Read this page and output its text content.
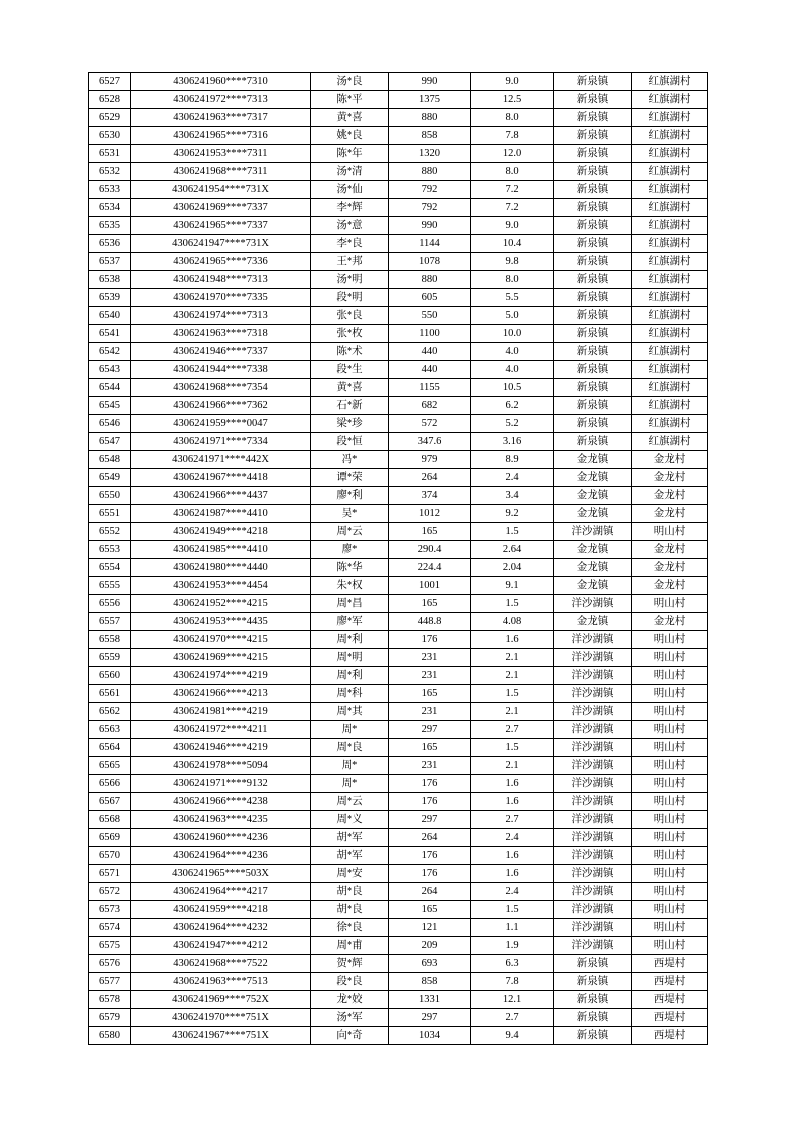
6527	4306241960****7310	汤*良	990	9.0	新泉镇	红旗湖村
6528	4306241972****7313	陈*平	1375	12.5	新泉镇	红旗湖村
6529	4306241963****7317	黄*喜	880	8.0	新泉镇	红旗湖村
6530	4306241965****7316	姚*良	858	7.8	新泉镇	红旗湖村
6531	4306241953****7311	陈*年	1320	12.0	新泉镇	红旗湖村
6532	4306241968****7311	汤*清	880	8.0	新泉镇	红旗湖村
6533	4306241954****731X	汤*仙	792	7.2	新泉镇	红旗湖村
6534	4306241969****7337	李*辉	792	7.2	新泉镇	红旗湖村
6535	4306241965****7337	汤*意	990	9.0	新泉镇	红旗湖村
6536	4306241947****731X	李*良	1144	10.4	新泉镇	红旗湖村
6537	4306241965****7336	王*邦	1078	9.8	新泉镇	红旗湖村
6538	4306241948****7313	汤*明	880	8.0	新泉镇	红旗湖村
6539	4306241970****7335	段*明	605	5.5	新泉镇	红旗湖村
6540	4306241974****7313	张*良	550	5.0	新泉镇	红旗湖村
6541	4306241963****7318	张*枚	1100	10.0	新泉镇	红旗湖村
6542	4306241946****7337	陈*术	440	4.0	新泉镇	红旗湖村
6543	4306241944****7338	段*生	440	4.0	新泉镇	红旗湖村
6544	4306241968****7354	黄*喜	1155	10.5	新泉镇	红旗湖村
6545	4306241966****7362	石*新	682	6.2	新泉镇	红旗湖村
6546	4306241959****0047	梁*珍	572	5.2	新泉镇	红旗湖村
6547	4306241971****7334	段*恒	347.6	3.16	新泉镇	红旗湖村
6548	4306241971****442X	冯*	979	8.9	金龙镇	金龙村
6549	4306241967****4418	谭*荣	264	2.4	金龙镇	金龙村
6550	4306241966****4437	廖*利	374	3.4	金龙镇	金龙村
6551	4306241987****4410	吴*	1012	9.2	金龙镇	金龙村
6552	4306241949****4218	周*云	165	1.5	洋沙湖镇	明山村
6553	4306241985****4410	廖*	290.4	2.64	金龙镇	金龙村
6554	4306241980****4440	陈*华	224.4	2.04	金龙镇	金龙村
6555	4306241953****4454	朱*权	1001	9.1	金龙镇	金龙村
6556	4306241952****4215	周*昌	165	1.5	洋沙湖镇	明山村
6557	4306241953****4435	廖*军	448.8	4.08	金龙镇	金龙村
6558	4306241970****4215	周*利	176	1.6	洋沙湖镇	明山村
6559	4306241969****4215	周*明	231	2.1	洋沙湖镇	明山村
6560	4306241974****4219	周*利	231	2.1	洋沙湖镇	明山村
6561	4306241966****4213	周*科	165	1.5	洋沙湖镇	明山村
6562	4306241981****4219	周*其	231	2.1	洋沙湖镇	明山村
6563	4306241972****4211	周*	297	2.7	洋沙湖镇	明山村
6564	4306241946****4219	周*良	165	1.5	洋沙湖镇	明山村
6565	4306241978****5094	周*	231	2.1	洋沙湖镇	明山村
6566	4306241971****9132	周*	176	1.6	洋沙湖镇	明山村
6567	4306241966****4238	周*云	176	1.6	洋沙湖镇	明山村
6568	4306241963****4235	周*义	297	2.7	洋沙湖镇	明山村
6569	4306241960****4236	胡*军	264	2.4	洋沙湖镇	明山村
6570	4306241964****4236	胡*军	176	1.6	洋沙湖镇	明山村
6571	4306241965****503X	周*安	176	1.6	洋沙湖镇	明山村
6572	4306241964****4217	胡*良	264	2.4	洋沙湖镇	明山村
6573	4306241959****4218	胡*良	165	1.5	洋沙湖镇	明山村
6574	4306241964****4232	徐*良	121	1.1	洋沙湖镇	明山村
6575	4306241947****4212	周*甫	209	1.9	洋沙湖镇	明山村
6576	4306241968****7522	贺*辉	693	6.3	新泉镇	西堤村
6577	4306241963****7513	段*良	858	7.8	新泉镇	西堤村
6578	4306241969****752X	龙*姣	1331	12.1	新泉镇	西堤村
6579	4306241970****751X	汤*军	297	2.7	新泉镇	西堤村
6580	4306241967****751X	向*奇	1034	9.4	新泉镇	西堤村
